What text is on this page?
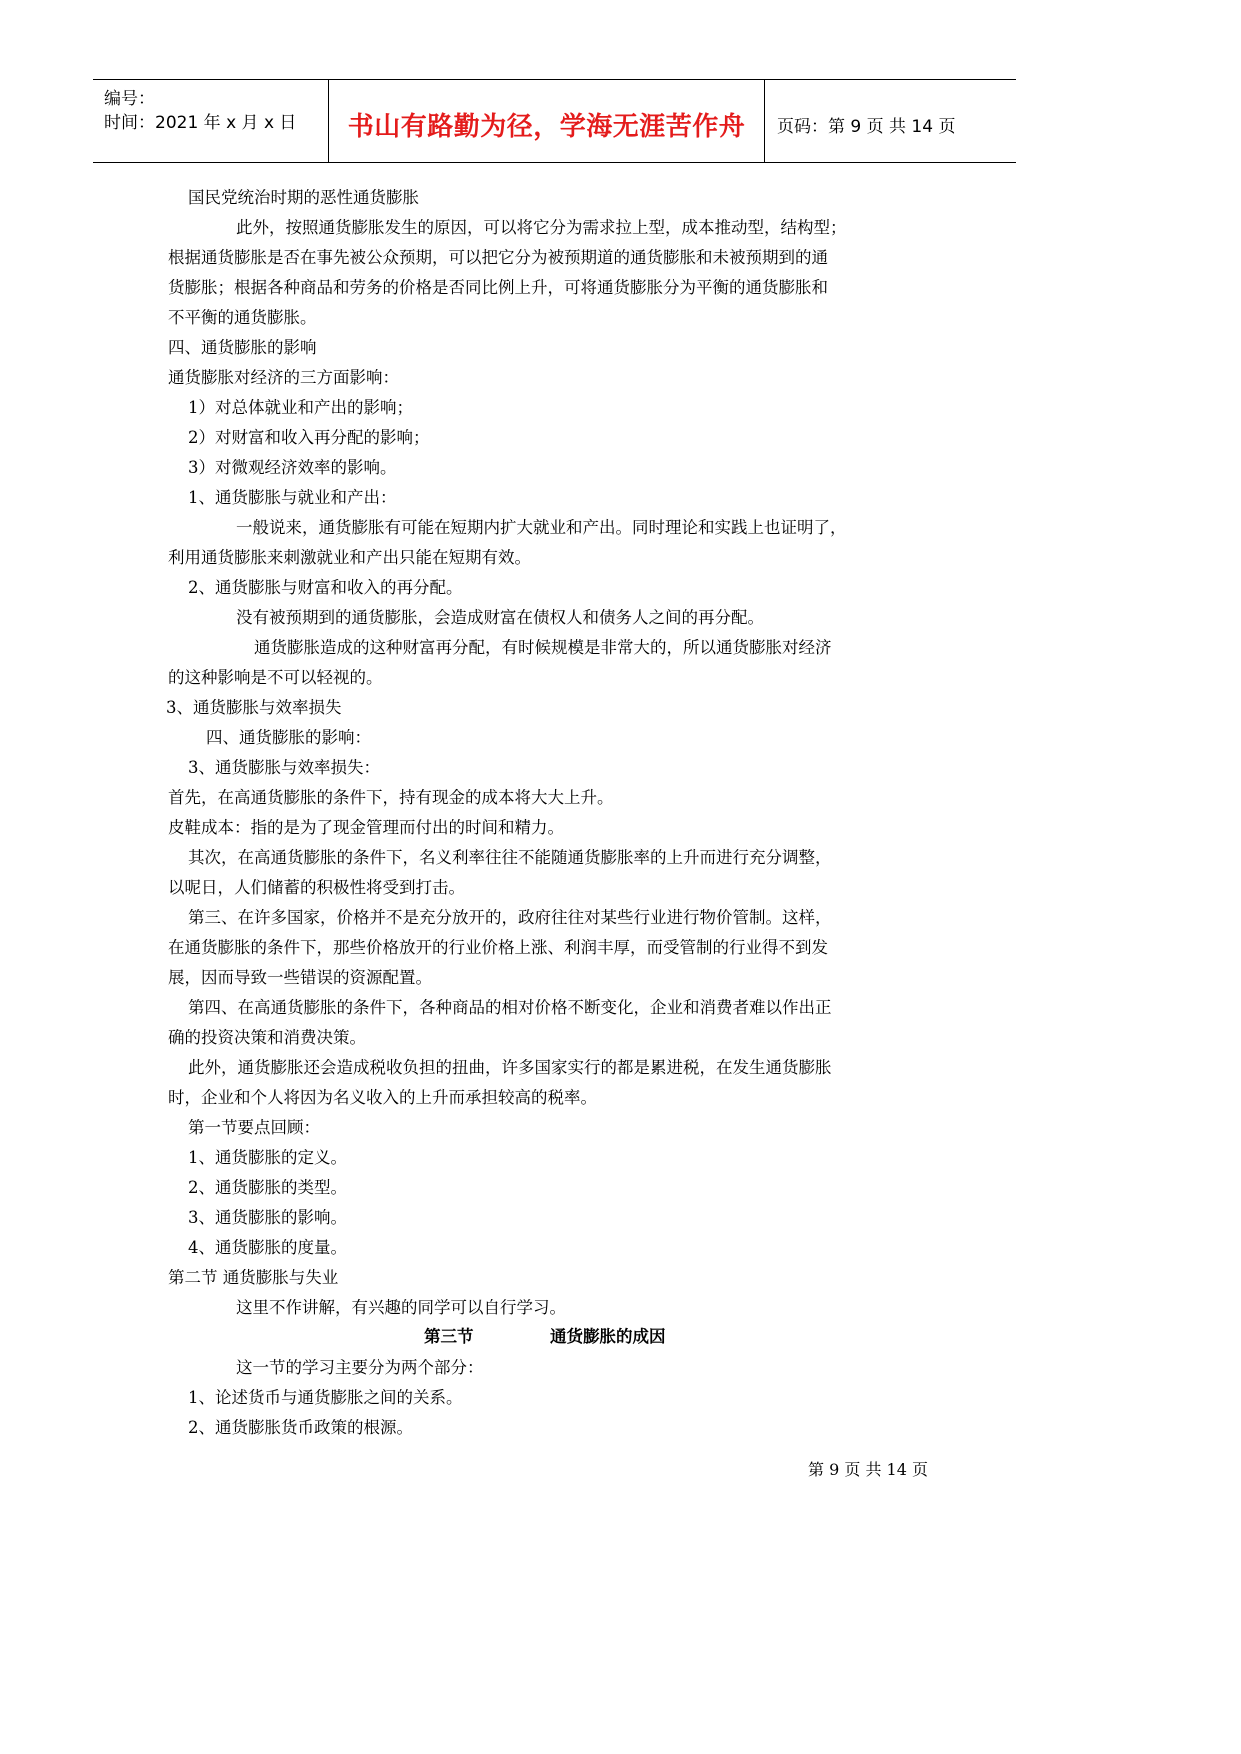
编号：
时间：2021 年 x 月 x 日	书山有路勤为径，学海无涯苦作舟	页码：第 9 页 共 14 页
国民党统治时期的恶性通货膨胀
此外，按照通货膨胀发生的原因，可以将它分为需求拉上型，成本推动型，结构型；
根据通货膨胀是否在事先被公众预期，可以把它分为被预期道的通货膨胀和未被预期到的通
货膨胀；根据各种商品和劳务的价格是否同比例上升，可将通货膨胀分为平衡的通货膨胀和
不平衡的通货膨胀。
四、通货膨胀的影响
通货膨胀对经济的三方面影响：
1）对总体就业和产出的影响；
2）对财富和收入再分配的影响；
3）对微观经济效率的影响。
1、通货膨胀与就业和产出：
一般说来，通货膨胀有可能在短期内扩大就业和产出。同时理论和实践上也证明了，
利用通货膨胀来刺激就业和产出只能在短期有效。
2、通货膨胀与财富和收入的再分配。
没有被预期到的通货膨胀，会造成财富在债权人和债务人之间的再分配。
通货膨胀造成的这种财富再分配，有时候规模是非常大的，所以通货膨胀对经济
的这种影响是不可以轻视的。
3、通货膨胀与效率损失
四、通货膨胀的影响：
3、通货膨胀与效率损失：
首先，在高通货膨胀的条件下，持有现金的成本将大大上升。
皮鞋成本：指的是为了现金管理而付出的时间和精力。
其次，在高通货膨胀的条件下，名义利率往往不能随通货膨胀率的上升而进行充分调整，
以呢日，人们储蓄的积极性将受到打击。
第三、在许多国家，价格并不是充分放开的，政府往往对某些行业进行物价管制。这样，
在通货膨胀的条件下，那些价格放开的行业价格上涨、利润丰厚，而受管制的行业得不到发
展，因而导致一些错误的资源配置。
第四、在高通货膨胀的条件下，各种商品的相对价格不断变化，企业和消费者难以作出正
确的投资决策和消费决策。
此外，通货膨胀还会造成税收负担的扭曲，许多国家实行的都是累进税，在发生通货膨胀
时，企业和个人将因为名义收入的上升而承担较高的税率。
第一节要点回顾：
1、通货膨胀的定义。
2、通货膨胀的类型。
3、通货膨胀的影响。
4、通货膨胀的度量。
第二节 通货膨胀与失业
这里不作讲解，有兴趣的同学可以自行学习。
第三节	通货膨胀的成因
这一节的学习主要分为两个部分：
1、论述货币与通货膨胀之间的关系。
2、通货膨胀货币政策的根源。
第 9 页 共 14 页
